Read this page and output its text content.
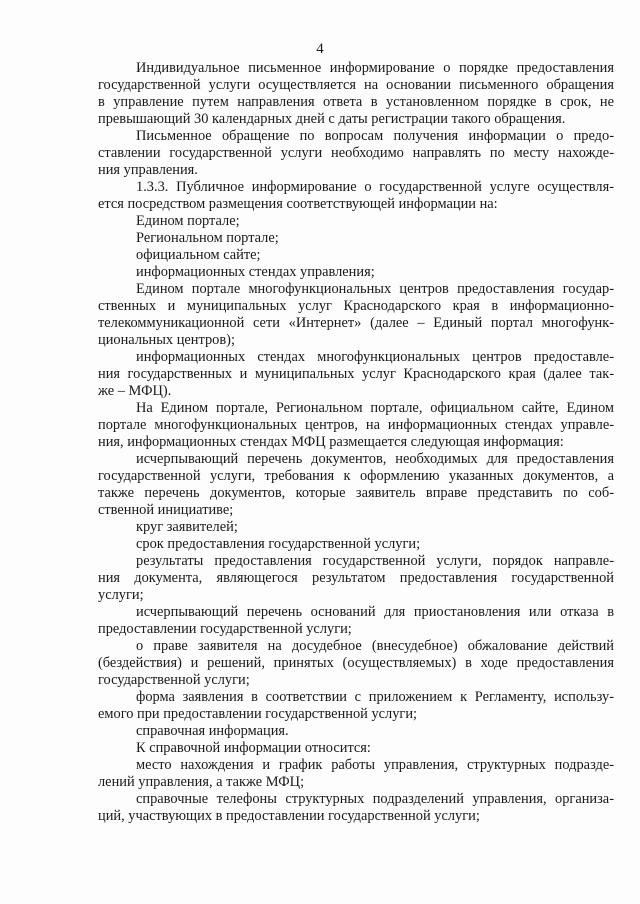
4

Индивидуальное письменное информирование о порядке предоставления
государственной услуги осуществляется на основании письменного обращения
в управление путем направления ответа в установленном порядке в срок, не
превышающий 30 календарных дней с даты регистрации такого обращения.

Письменное обращение по вопросам получения информации о предо-
ставлении государственной услуги необходимо направлять по месту нахожде-
ния управления.

1.3.3. Публичное информирование о государственной услуге осуществля-
ется посредством размещения соответствующей информации на:

Едином портале;

Региональном портале;

официальном сайте;

информационных стендах управления;

Едином портале многофункциональных центров предоставления государ-
ственных и муниципальных услуг Краснодарского края в информационно-
телекоммуникационной сети «Интернет» (далее – Единый портал многофунк-
циональных центров);

информационных стендах многофункциональных центров предоставле-
ния государственных и муниципальных услуг Краснодарского края (далее так-
же – МФЦ).

На Едином портале, Региональном портале, официальном сайте, Едином
портале многофункциональных центров, на информационных стендах управле-
ния, информационных стендах МФЦ размещается следующая информация:

исчерпывающий перечень документов, необходимых для предоставления
государственной услуги, требования к оформлению указанных документов, а
также перечень документов, которые заявитель вправе представить по соб-
ственной инициативе;

круг заявителей;

срок предоставления государственной услуги;

результаты предоставления государственной услуги, порядок направле-
ния документа, являющегося результатом предоставления государственной
услуги;

исчерпывающий перечень оснований для приостановления или отказа в
предоставлении государственной услуги;

о праве заявителя на досудебное (внесудебное) обжалование действий
(бездействия) и решений, принятых (осуществляемых) в ходе предоставления
государственной услуги;

форма заявления в соответствии с приложением к Регламенту, использу-
емого при предоставлении государственной услуги;

справочная информация.

К справочной информации относится:

место нахождения и график работы управления, структурных подразде-
лений управления, а также МФЦ;

справочные телефоны структурных подразделений управления, организа-
ций, участвующих в предоставлении государственной услуги;
